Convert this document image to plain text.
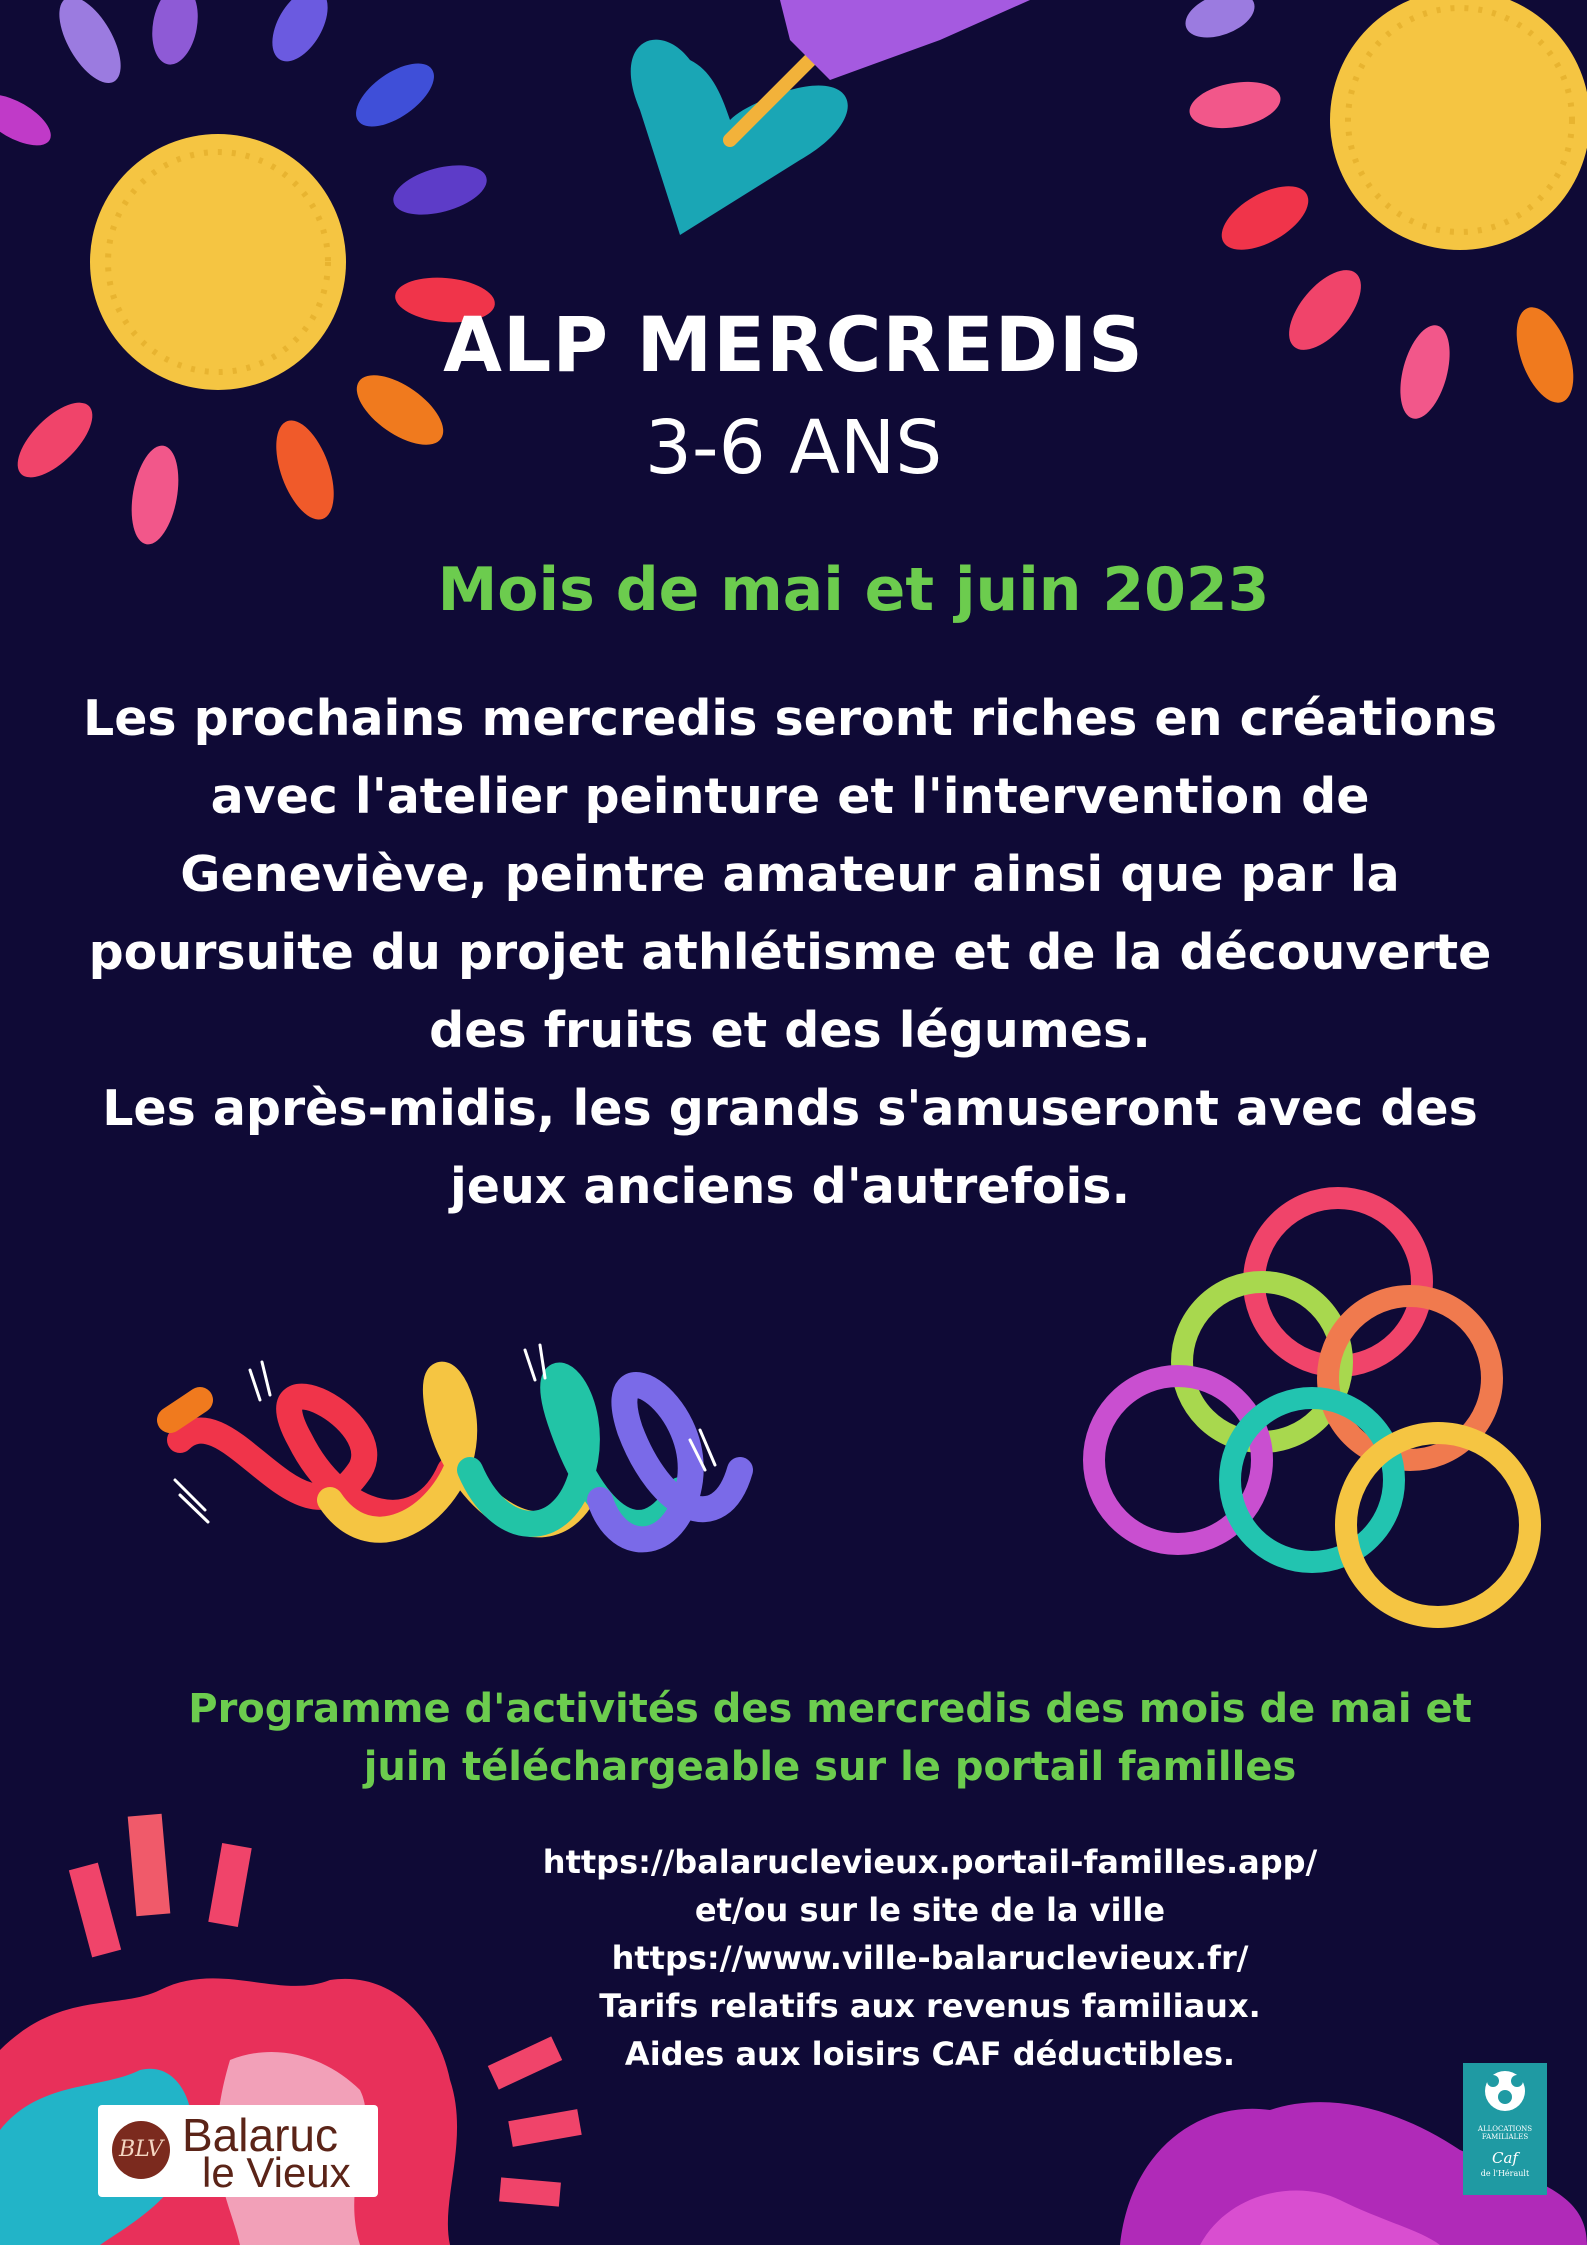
ALP MERCREDIS
3-6 ANS
Mois de mai et juin 2023

Les prochains mercredis seront riches en créations

avec l'atelier peinture et l'intervention de

Geneviève, peintre amateur ainsi que par la

poursuite du projet athlétisme et de la découverte

des fruits et des légumes.

Les après-midis, les grands s'amuseront avec des

jeux anciens d'autrefois.

Programme d'activités des mercredis des mois de mai et
juin téléchargeable sur le portail familles
https://balaruclevieux.portail-familles.app/
et/ou sur le site de la ville
https://www.ville-balaruclevieux.fr/
Tarifs relatifs aux revenus familiaux.
Aides aux loisirs CAF déductibles.
BLV Balaruc
le Vieux
ALLOCATIONS FAMILIALES
Caf
de l'Hérault
